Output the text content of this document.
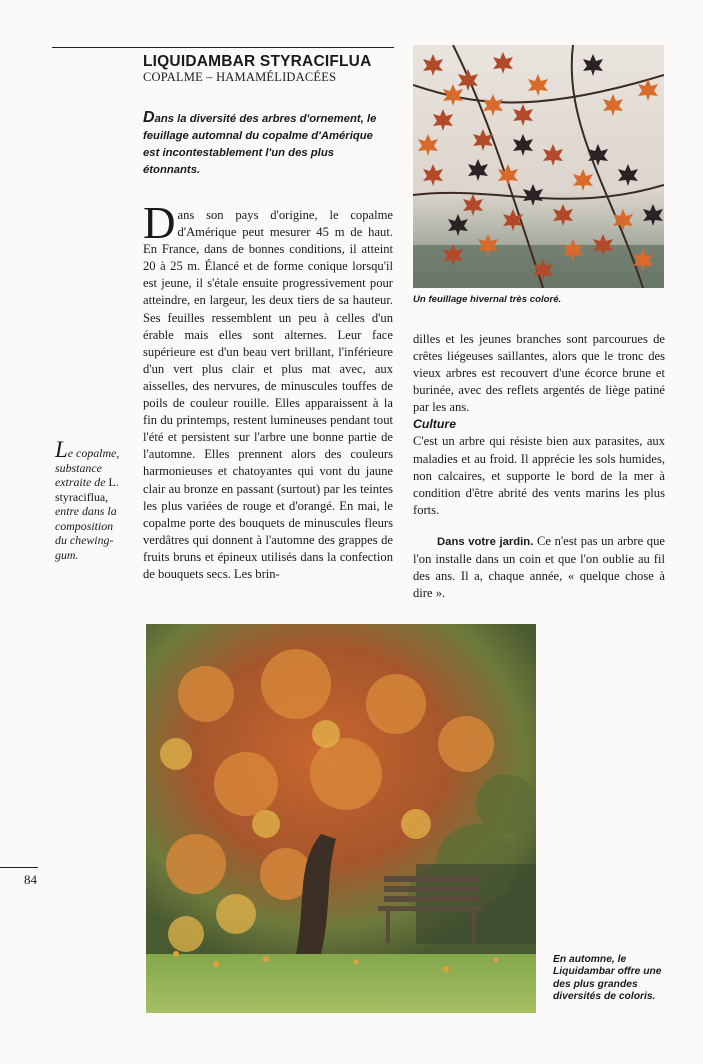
LIQUIDAMBAR STYRACIFLUA
COPALME – HAMAMÉLIDACÉES

Dans la diversité des arbres d'ornement, le feuillage automnal du copalme d'Amérique est incontestablement l'un des plus étonnants.

Dans son pays d'origine, le copalme d'Amérique peut mesurer 45 m de haut. En France, dans de bonnes conditions, il atteint 20 à 25 m. Élancé et de forme conique lorsqu'il est jeune, il s'étale ensuite progressivement pour atteindre, en largeur, les deux tiers de sa hauteur. Ses feuilles ressemblent un peu à celles d'un érable mais elles sont alternes. Leur face supérieure est d'un beau vert brillant, l'inférieure d'un vert plus clair et plus mat avec, aux aisselles, des nervures, de minuscules touffes de poils de couleur rouille. Elles apparaissent à la fin du printemps, restent lumineuses pendant tout l'été et persistent sur l'arbre une bonne partie de l'automne. Elles prennent alors des couleurs harmonieuses et chatoyantes qui vont du jaune clair au bronze en passant (surtout) par les teintes les plus variées de rouge et d'orangé. En mai, le copalme porte des bouquets de minuscules fleurs verdâtres qui donnent à l'automne des grappes de fruits bruns et épineux utilisés dans la confection de bouquets secs. Les brin-

Le copalme, substance extraite de L. styraciflua, entre dans la composition du chewing-gum.
Un feuillage hivernal très coloré.

dilles et les jeunes branches sont parcourues de crêtes liégeuses saillantes, alors que le tronc des vieux arbres est recouvert d'une écorce brune et burinée, avec des reflets argentés de liège patiné par les ans.

Culture

C'est un arbre qui résiste bien aux parasites, aux maladies et au froid. Il apprécie les sols humides, non calcaires, et supporte le bord de la mer à condition d'être abrité des vents marins les plus forts.

Dans votre jardin. Ce n'est pas un arbre que l'on installe dans un coin et que l'on oublie au fil des ans. Il a, chaque année, « quelque chose à dire ».

En automne, le Liquidambar offre une des plus grandes diversités de coloris.
84
